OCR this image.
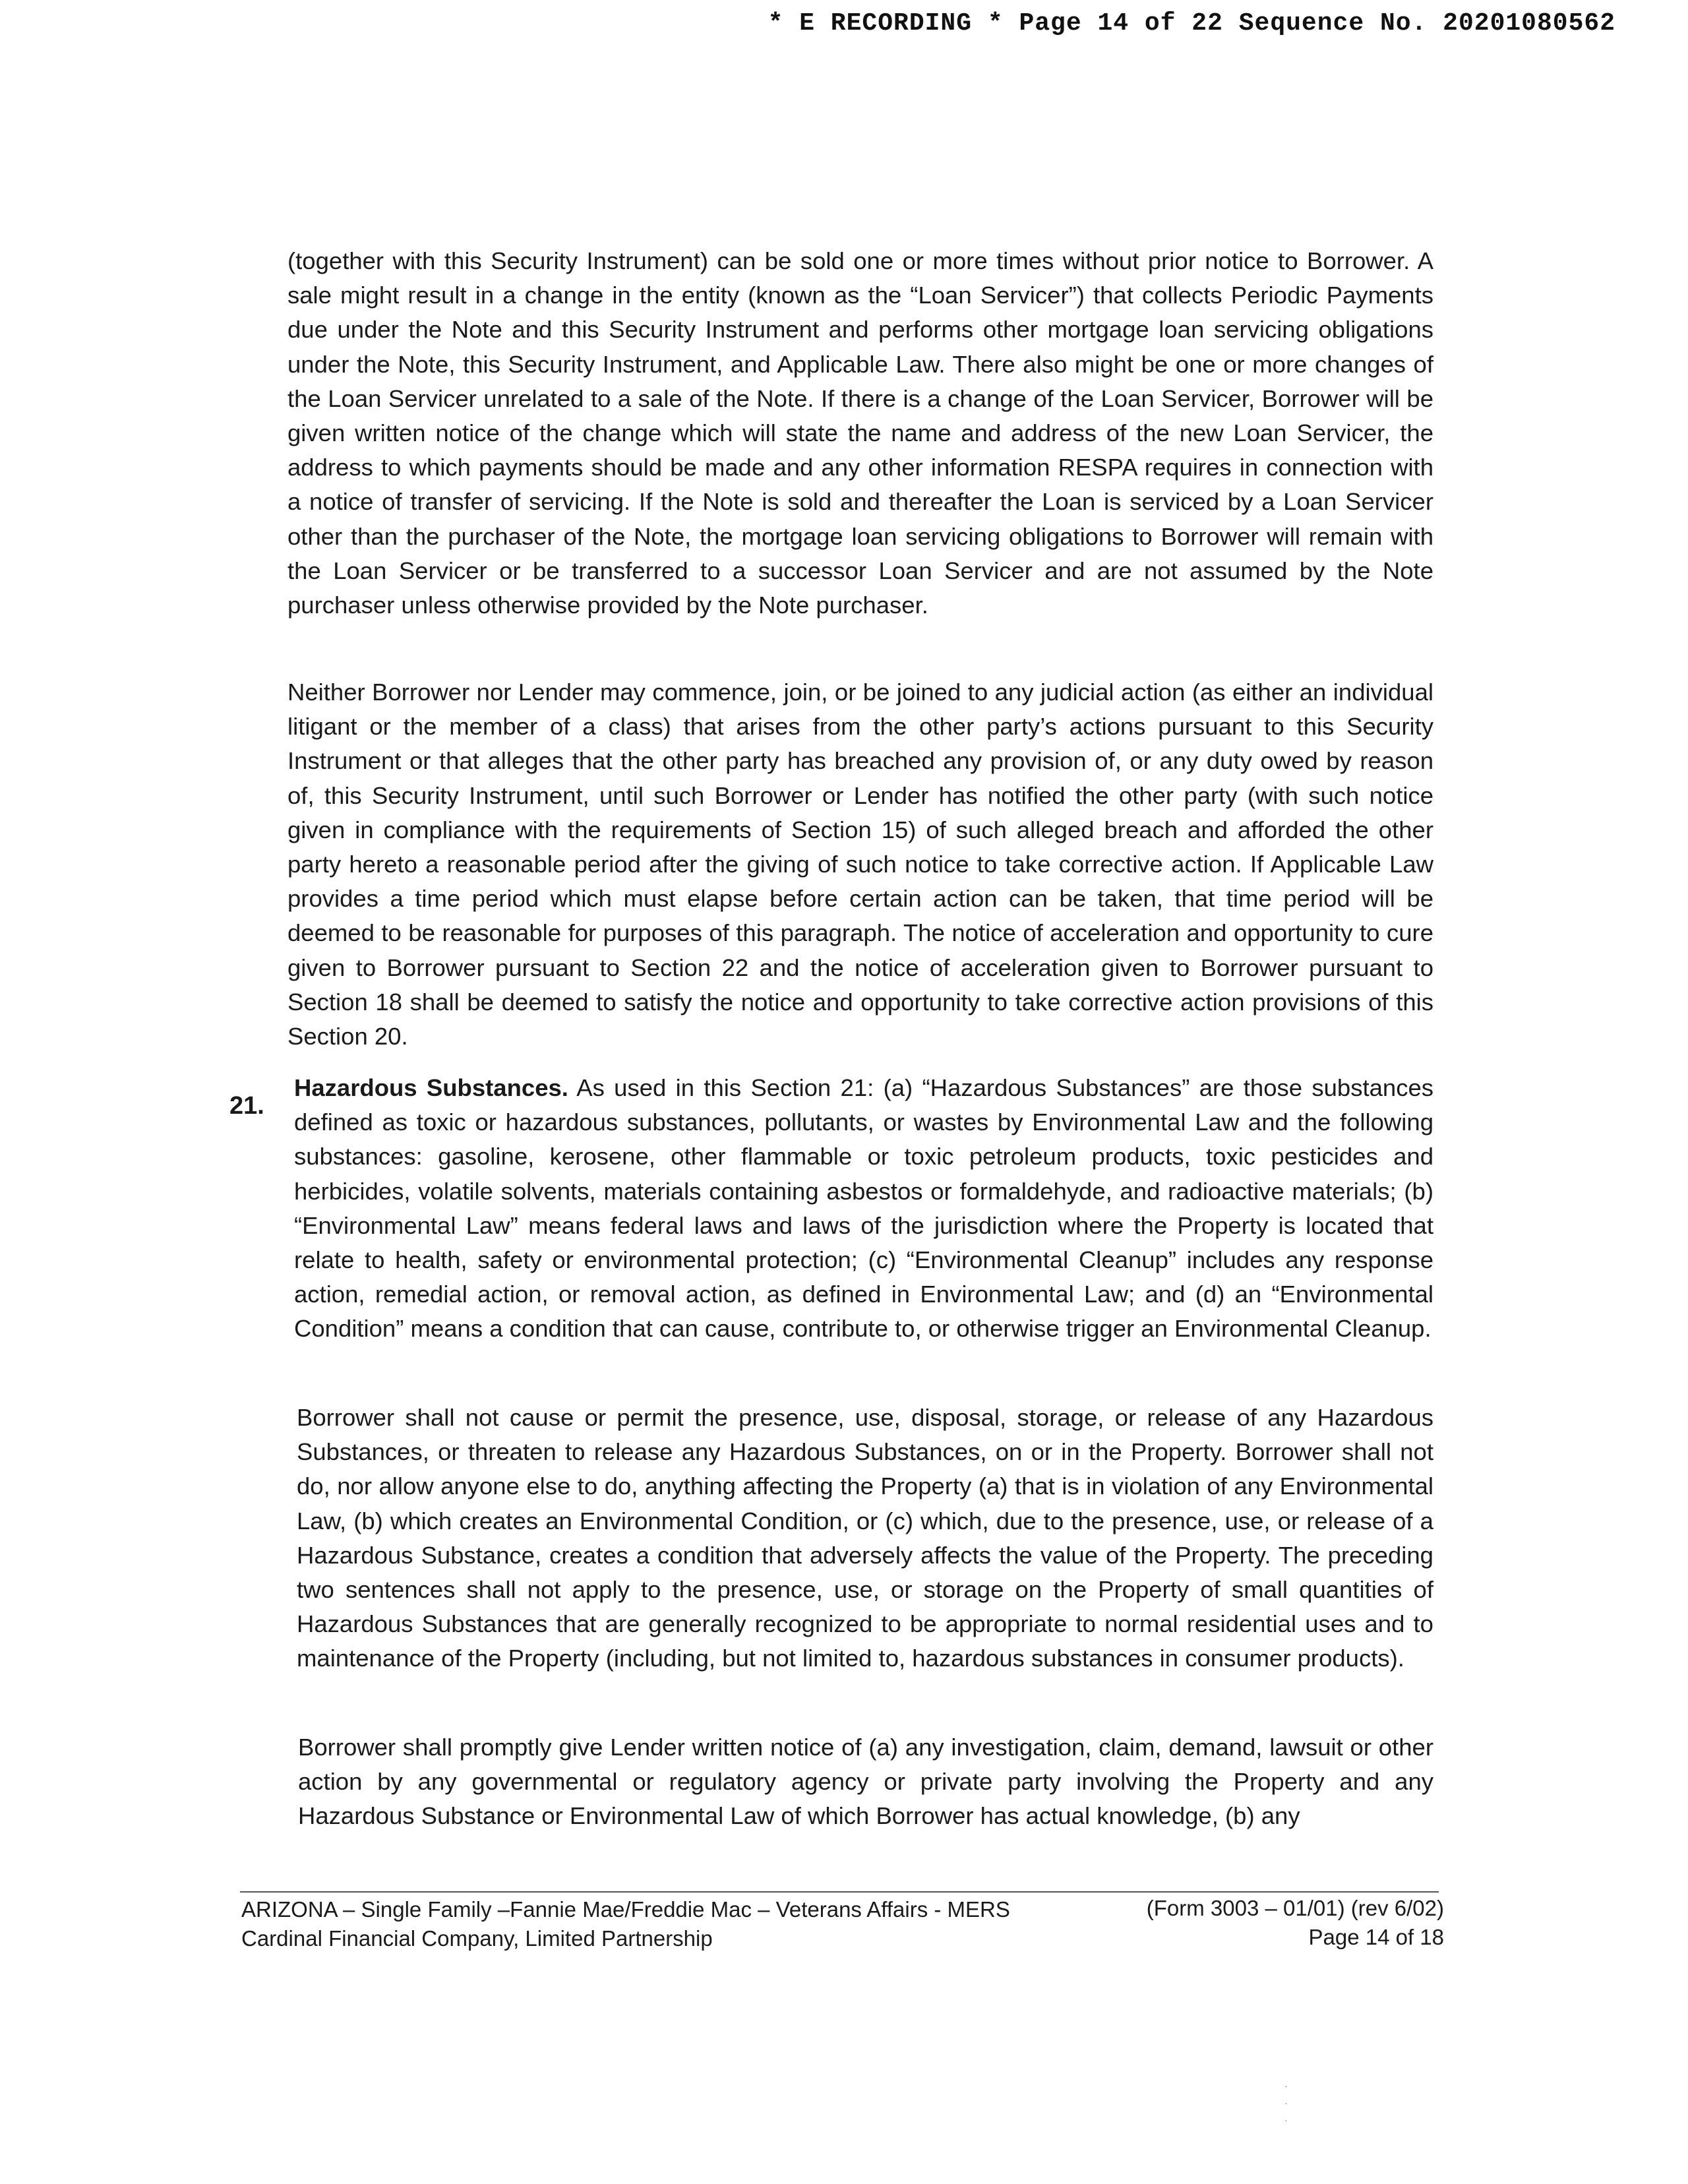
* E RECORDING * Page 14 of 22 Sequence No. 20201080562

(together with this Security Instrument) can be sold one or more times without prior notice to Borrower. A sale might result in a change in the entity (known as the “Loan Servicer”) that collects Periodic Payments due under the Note and this Security Instrument and performs other mortgage loan servicing obligations under the Note, this Security Instrument, and Applicable Law. There also might be one or more changes of the Loan Servicer unrelated to a sale of the Note. If there is a change of the Loan Servicer, Borrower will be given written notice of the change which will state the name and address of the new Loan Servicer, the address to which payments should be made and any other information RESPA requires in connection with a notice of transfer of servicing. If the Note is sold and thereafter the Loan is serviced by a Loan Servicer other than the purchaser of the Note, the mortgage loan servicing obligations to Borrower will remain with the Loan Servicer or be transferred to a successor Loan Servicer and are not assumed by the Note purchaser unless otherwise provided by the Note purchaser.

Neither Borrower nor Lender may commence, join, or be joined to any judicial action (as either an individual litigant or the member of a class) that arises from the other party’s actions pursuant to this Security Instrument or that alleges that the other party has breached any provision of, or any duty owed by reason of, this Security Instrument, until such Borrower or Lender has notified the other party (with such notice given in compliance with the requirements of Section 15) of such alleged breach and afforded the other party hereto a reasonable period after the giving of such notice to take corrective action. If Applicable Law provides a time period which must elapse before certain action can be taken, that time period will be deemed to be reasonable for purposes of this paragraph. The notice of acceleration and opportunity to cure given to Borrower pursuant to Section 22 and the notice of acceleration given to Borrower pursuant to Section 18 shall be deemed to satisfy the notice and opportunity to take corrective action provisions of this Section 20.

21.

Hazardous Substances. As used in this Section 21: (a) “Hazardous Substances” are those substances defined as toxic or hazardous substances, pollutants, or wastes by Environmental Law and the following substances: gasoline, kerosene, other flammable or toxic petroleum products, toxic pesticides and herbicides, volatile solvents, materials containing asbestos or formaldehyde, and radioactive materials; (b) “Environmental Law” means federal laws and laws of the jurisdiction where the Property is located that relate to health, safety or environmental protection; (c) “Environmental Cleanup” includes any response action, remedial action, or removal action, as defined in Environmental Law; and (d) an “Environmental Condition” means a condition that can cause, contribute to, or otherwise trigger an Environmental Cleanup.

Borrower shall not cause or permit the presence, use, disposal, storage, or release of any Hazardous Substances, or threaten to release any Hazardous Substances, on or in the Property. Borrower shall not do, nor allow anyone else to do, anything affecting the Property (a) that is in violation of any Environmental Law, (b) which creates an Environmental Condition, or (c) which, due to the presence, use, or release of a Hazardous Substance, creates a condition that adversely affects the value of the Property. The preceding two sentences shall not apply to the presence, use, or storage on the Property of small quantities of Hazardous Substances that are generally recognized to be appropriate to normal residential uses and to maintenance of the Property (including, but not limited to, hazardous substances in consumer products).

Borrower shall promptly give Lender written notice of (a) any investigation, claim, demand, lawsuit or other action by any governmental or regulatory agency or private party involving the Property and any Hazardous Substance or Environmental Law of which Borrower has actual knowledge, (b) any

ARIZONA – Single Family –Fannie Mae/Freddie Mac – Veterans Affairs - MERS
Cardinal Financial Company, Limited Partnership
(Form 3003 – 01/01) (rev 6/02)
Page 14 of 18
·
·
·
